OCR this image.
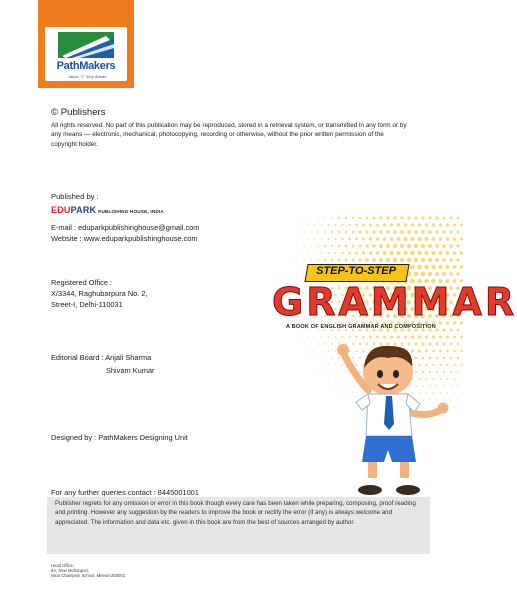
PathMakers
...takes "1" Step Ahead
© Publishers
All rights reserved. No part of this publication may be reproduced, stored in a retrieval system, or transmitted in any form or by any means — electronic, mechanical, photocopying, recording or otherwise, without the prior written permission of the copyright holder.
Published by :
EDUPARK PUBLISHING HOUSE, INDIA
E-mail : eduparkpublishinghouse@gmail.com
Website : www.eduparkpublishinghouse.com
Registered Office :
X/3344, Raghubarpura No. 2,
Street-I, Delhi-110031
Editorial Board : Anjali Sharma
Shivam Kumar
Designed by : PathMakers Designing Unit
For any further queries contact : 8445001001
Publisher regrets for any omission or error in this book though every care has been taken while preparing, composing, proof reading and printing. However any suggestion by the readers to improve the book or rectify the error (if any) is always welcome and appreciated. The information and data etc. given in this book are from the best of sources arranged by author.
Head Office :
8A, New Mohanpuri,
Near Champion School, Meerut-250001
STEP-TO-STEP
GRAMMAR
A BOOK OF ENGLISH GRAMMAR AND COMPOSITION
